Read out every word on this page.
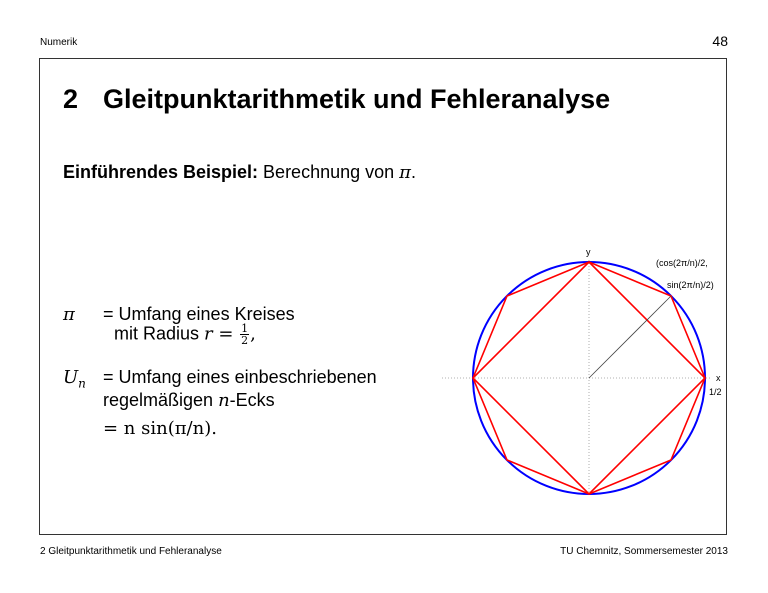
Numerik	48
2 Gleitpunktarithmetik und Fehleranalyse
Einführendes Beispiel: Berechnung von π.
π = Umfang eines Kreises
mit Radius $r = \frac{1}{2}$ ,
$U_n$ = Umfang eines einbeschriebenen
regelmäßigen n-Ecks
= n sin(π/n).
y
x
1/2
(cos(2π/n)/2,
sin(2π/n)/2)
2 Gleitpunktarithmetik und Fehleranalyse	TU Chemnitz, Sommersemester 2013
